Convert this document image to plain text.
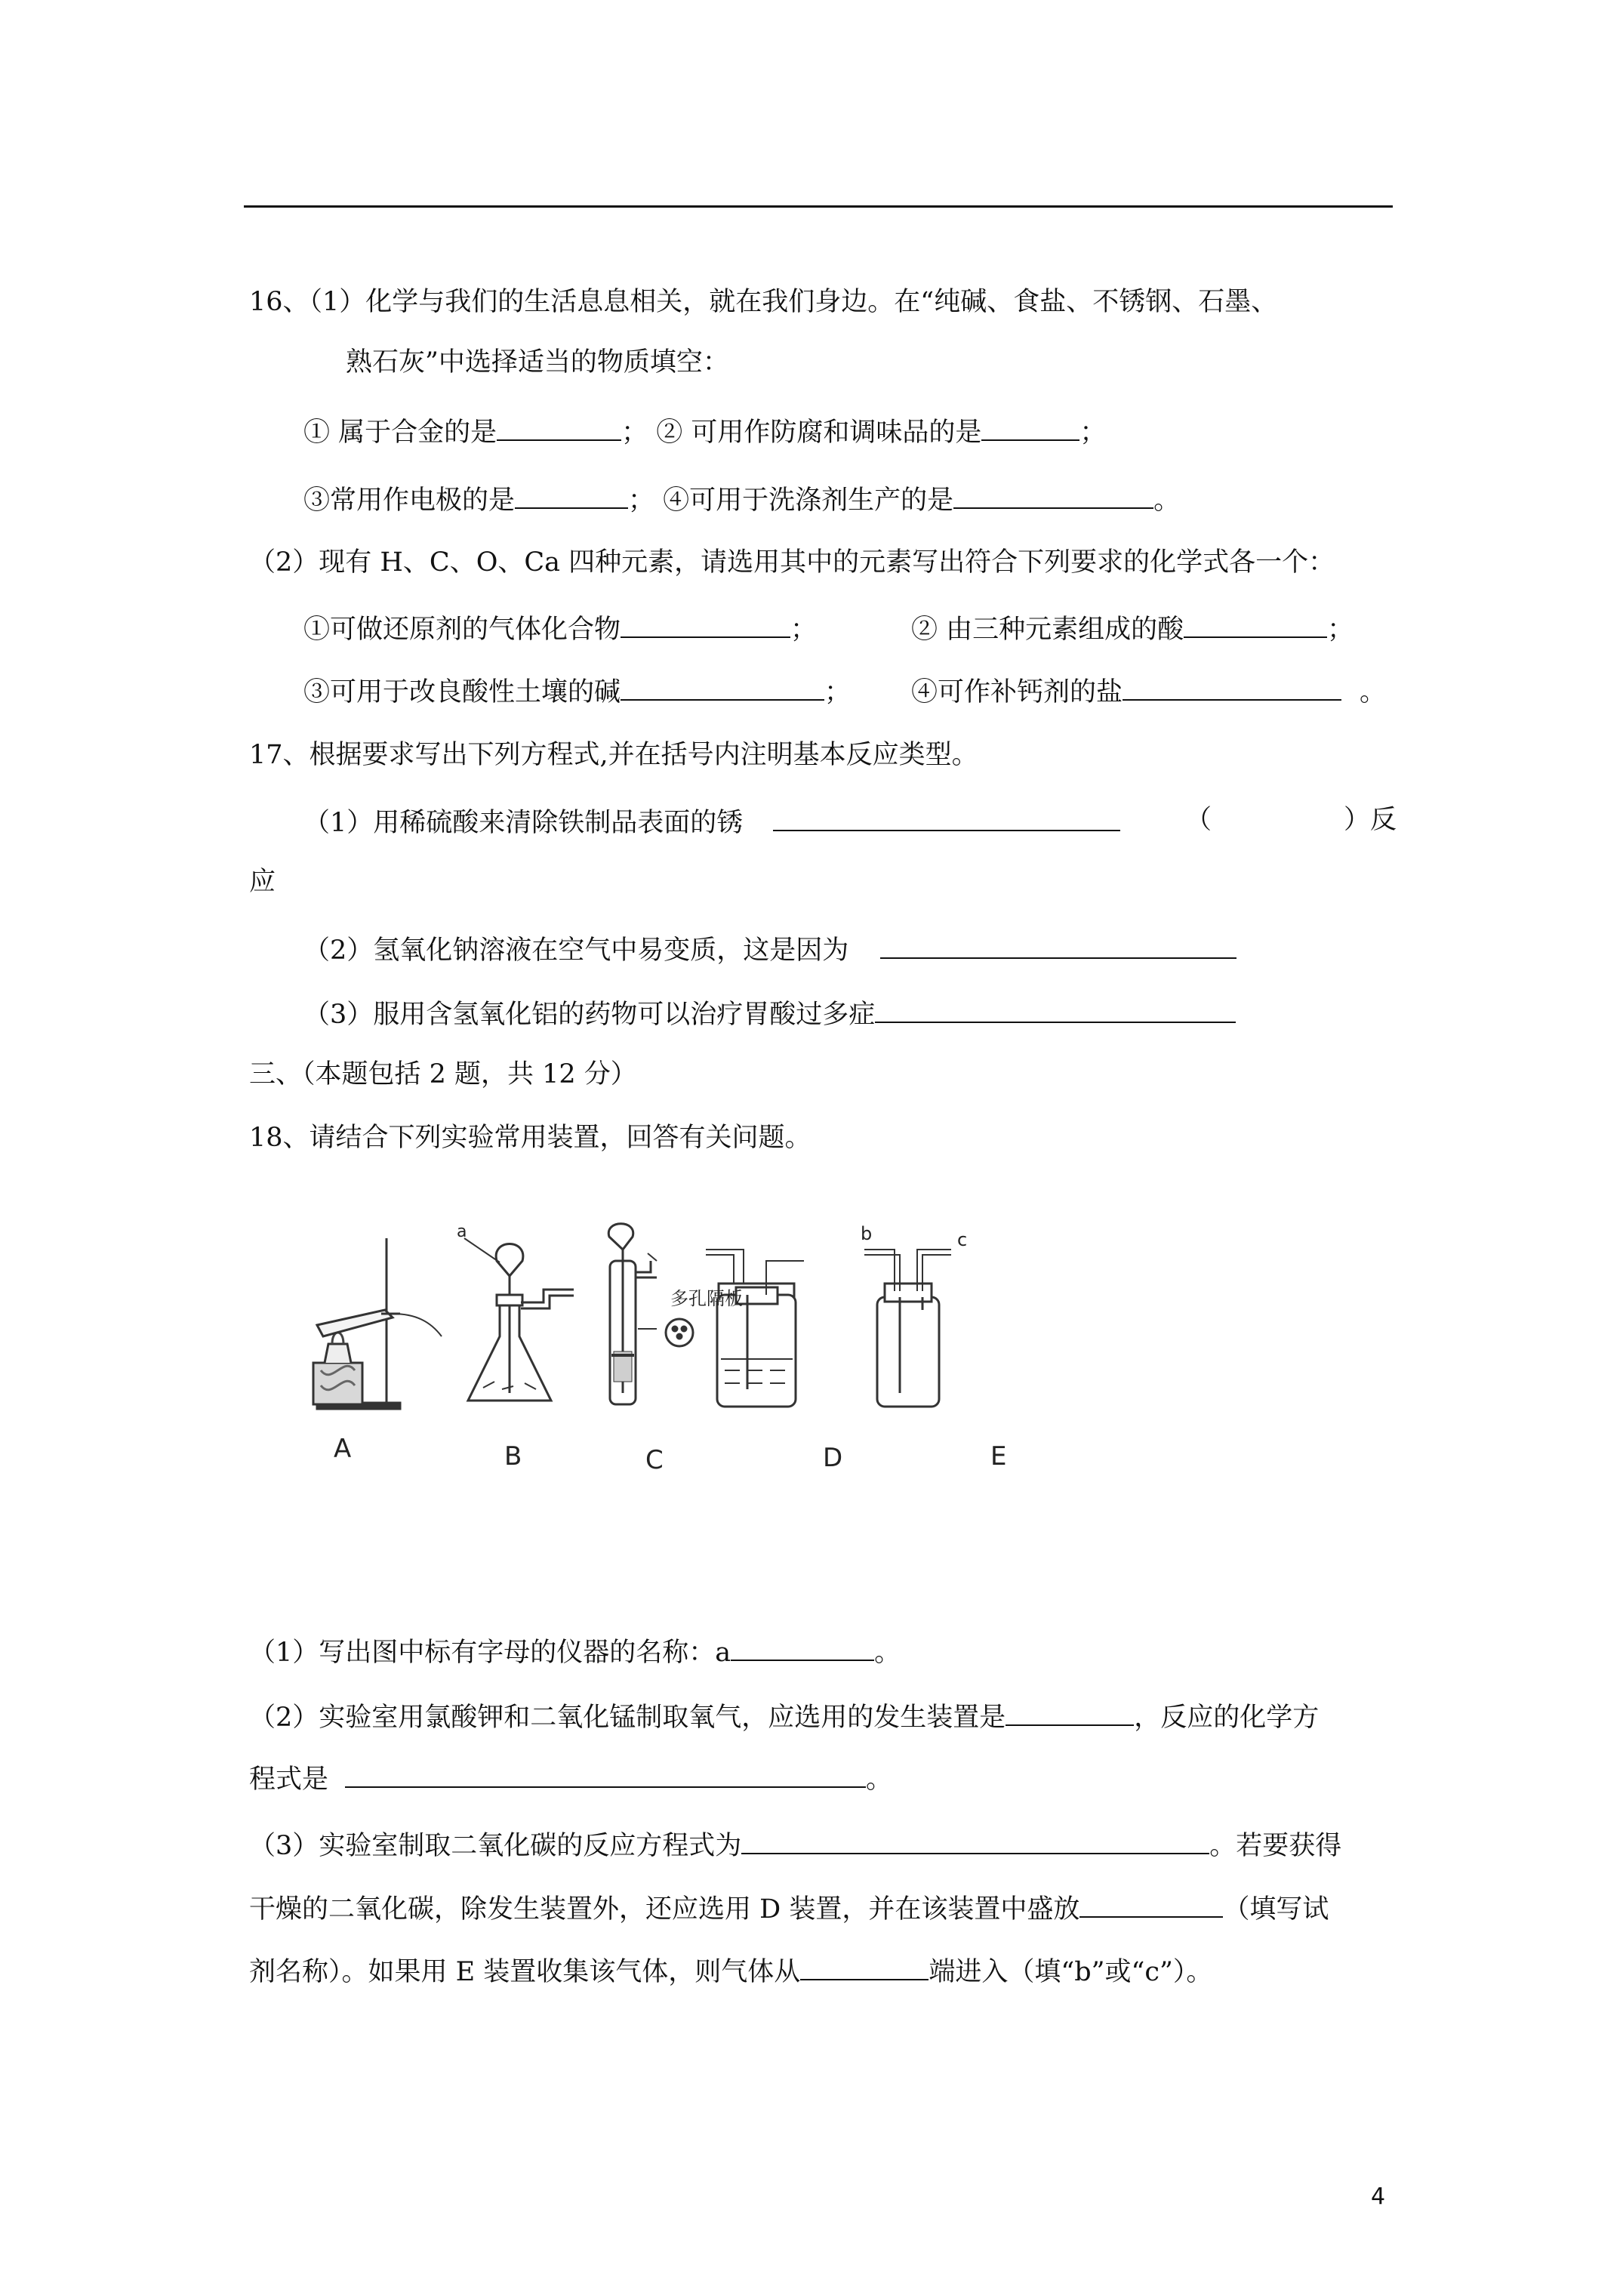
16、（1）化学与我们的生活息息相关，就在我们身边。在“纯碱、食盐、不锈钢、石墨、
熟石灰”中选择适当的物质填空：
① 属于合金的是	； ② 可用作防腐和调味品的是	；
③常用作电极的是	； ④可用于洗涤剂生产的是	。
（2）现有 H、C、O、Ca 四种元素，请选用其中的元素写出符合下列要求的化学式各一个：
①可做还原剂的气体化合物	；	② 由三种元素组成的酸	；
③可用于改良酸性土壤的碱	； ④可作补钙剂的盐	。
17、根据要求写出下列方程式,并在括号内注明基本反应类型。
（1）用稀硫酸来清除铁制品表面的锈	（	）反
应
（2）氢氧化钠溶液在空气中易变质，这是因为
（3）服用含氢氧化铝的药物可以治疗胃酸过多症
三、（本题包括 2 题，共 12 分）
18、请结合下列实验常用装置，回答有关问题。
a	b	c
多孔隔板
A	B	C	D	E
（1）写出图中标有字母的仪器的名称：a	。
（2）实验室用氯酸钾和二氧化锰制取氧气，应选用的发生装置是	，反应的化学方
程式是	。
（3）实验室制取二氧化碳的反应方程式为	。若要获得
干燥的二氧化碳，除发生装置外，还应选用 D 装置，并在该装置中盛放	（填写试
剂名称）。如果用 E 装置收集该气体，则气体从	端进入（填“b”或“c”）。
4
